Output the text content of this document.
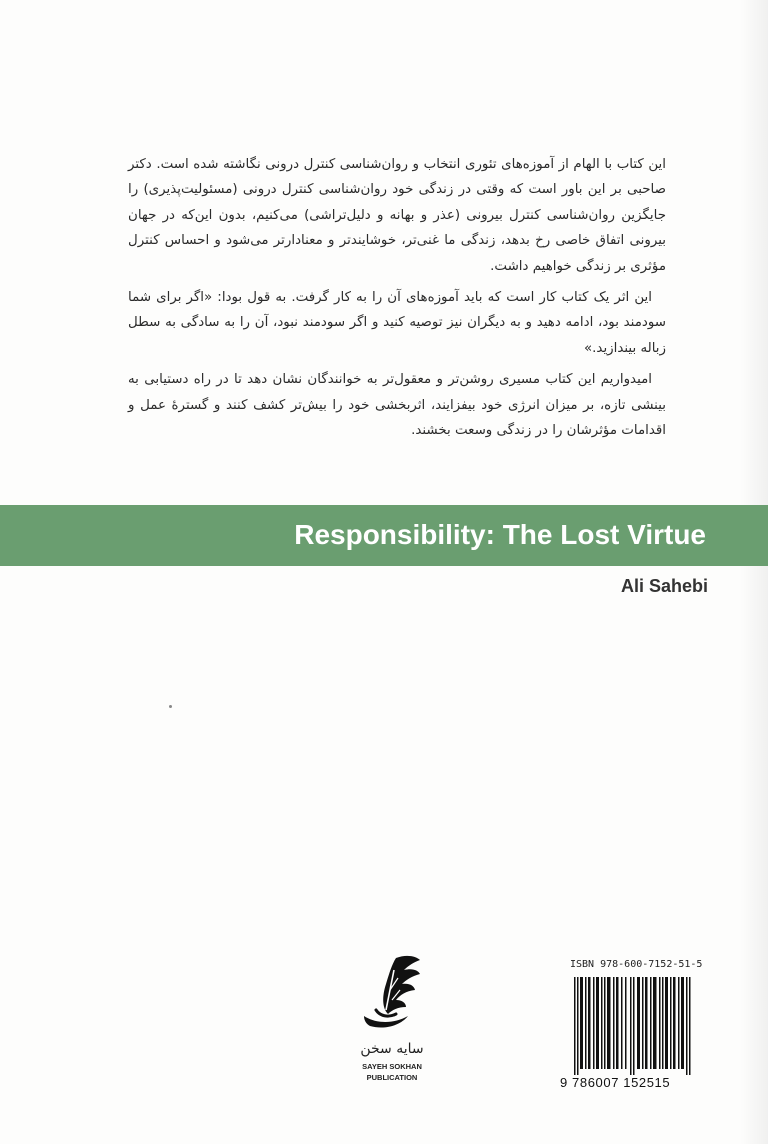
این کتاب با الهام از آموزه‌های تئوری انتخاب و روان‌شناسی کنترل درونی نگاشته شده است. دکتر صاحبی بر این باور است که وقتی در زندگی خود روان‌شناسی کنترل درونی (مسئولیت‌پذیری) را جایگزین روان‌شناسی کنترل بیرونی (عذر و بهانه و دلیل‌تراشی) می‌کنیم، بدون این‌که در جهان بیرونی اتفاق خاصی رخ بدهد، زندگی ما غنی‌تر، خوشایندتر و معنادارتر می‌شود و احساس کنترل مؤثری بر زندگی خواهیم داشت.

این اثر یک کتاب کار است که باید آموزه‌های آن را به کار گرفت. به قول بودا: «اگر برای شما سودمند بود، ادامه دهید و به دیگران نیز توصیه کنید و اگر سودمند نبود، آن را به سادگی به سطل زباله بیندازید.»

امیدواریم این کتاب مسیری روشن‌تر و معقول‌تر به خوانندگان نشان دهد تا در راه دستیابی به بینشی تازه، بر میزان انرژی خود بیفزایند، اثربخشی خود را بیش‌تر کشف کنند و گسترهٔ عمل و اقدامات مؤثرشان را در زندگی وسعت بخشند.

Responsibility: The Lost Virtue
Ali Sahebi
سایه سخن
SAYEH SOKHAN
PUBLICATION
ISBN 978-600-7152-51-5
9 786007 152515
